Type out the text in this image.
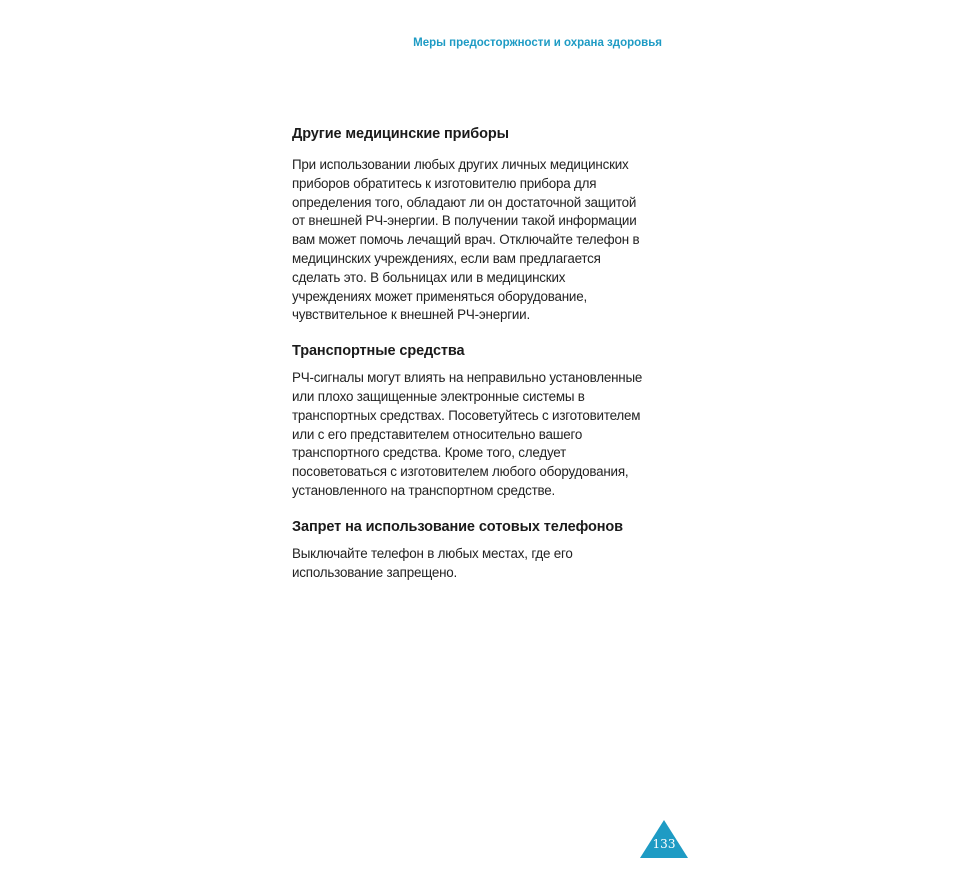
Меры предосторжности и охрана здоровья
Другие медицинские приборы
При использовании любых других личных медицинских
приборов обратитесь к изготовителю прибора для
определения того, обладают ли он достаточной защитой
от внешней РЧ-энергии. В получении такой информации
вам может помочь лечащий врач. Отключайте телефон в
медицинских учреждениях, если вам предлагается
сделать это. В больницах или в медицинских
учреждениях может применяться оборудование,
чувствительное к внешней РЧ-энергии.
Транспортные средства
РЧ-сигналы могут влиять на неправильно установленные
или плохо защищенные электронные системы в
транспортных средствах. Посоветуйтесь с изготовителем
или с его представителем относительно вашего
транспортного средства. Кроме того, следует
посоветоваться с изготовителем любого оборудования,
установленного на транспортном средстве.
Запрет на использование сотовых телефонов
Выключайте телефон в любых местах, где его
использование запрещено.
133
